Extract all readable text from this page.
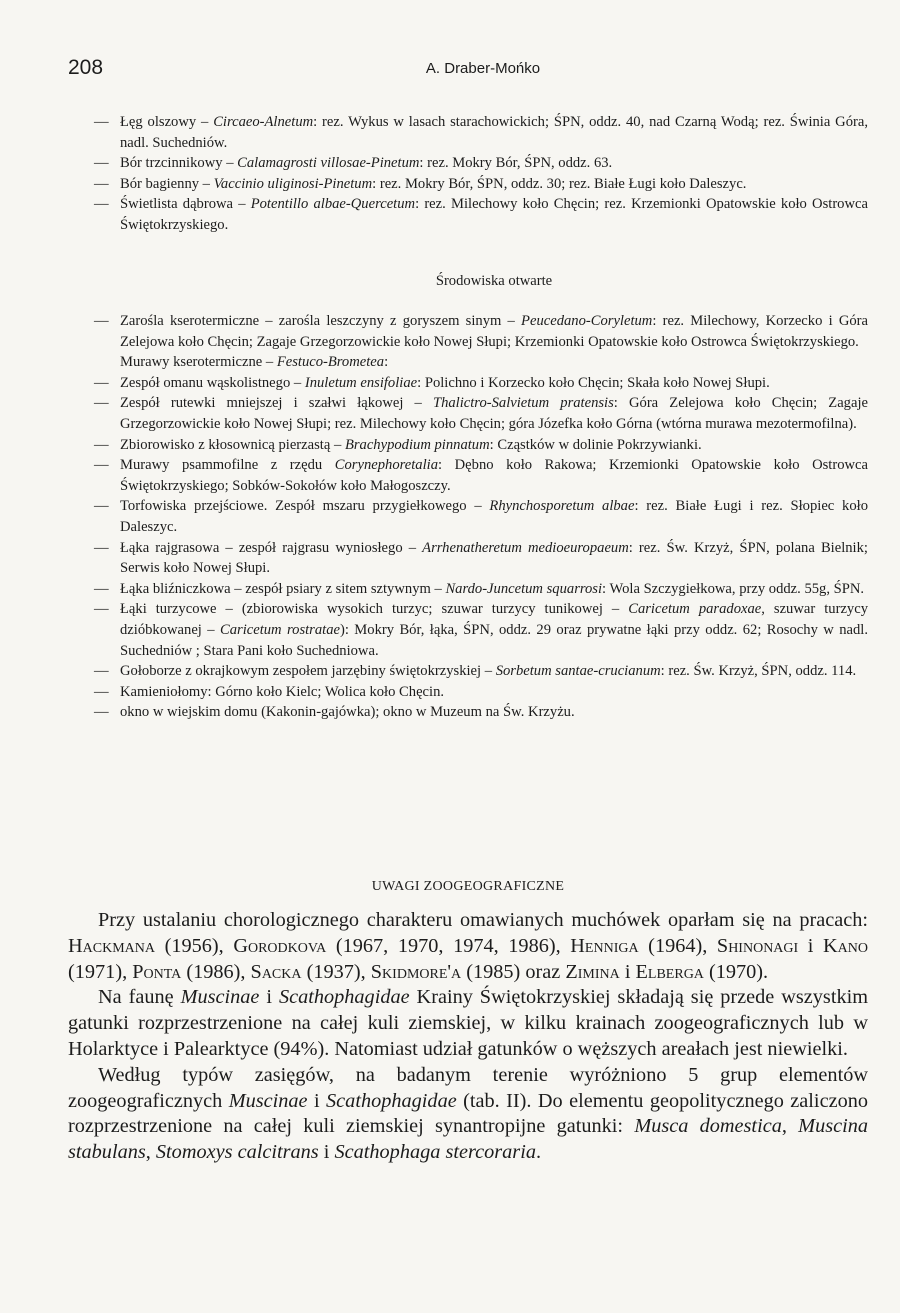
208	A. Draber-Mońko
— Łęg olszowy – Circaeo-Alnetum: rez. Wykus w lasach starachowickich; ŚPN, oddz. 40, nad Czarną Wodą; rez. Świnia Góra, nadl. Suchedniów.
— Bór trzcinnikowy – Calamagrosti villosae-Pinetum: rez. Mokry Bór, ŚPN, oddz. 63.
— Bór bagienny – Vaccinio uliginosi-Pinetum: rez. Mokry Bór, ŚPN, oddz. 30; rez. Białe Ługi koło Daleszyc.
— Świetlista dąbrowa – Potentillo albae-Quercetum: rez. Milechowy koło Chęcin; rez. Krzemionki Opatowskie koło Ostrowca Świętokrzyskiego.
Środowiska otwarte
— Zarośla kserotermiczne – zarośla leszczyny z goryszem sinym – Peucedano-Coryletum: rez. Milechowy, Korzecko i Góra Zelejowa koło Chęcin; Zagaje Grzegorzowickie koło Nowej Słupi; Krzemionki Opatowskie koło Ostrowca Świętokrzyskiego.
Murawy kserotermiczne – Festuco-Brometea:
— Zespół omanu wąskolistnego – Inuletum ensifoliae: Polichno i Korzecko koło Chęcin; Skała koło Nowej Słupi.
— Zespół rutewki mniejszej i szałwi łąkowej – Thalictro-Salvietum pratensis: Góra Zelejowa koło Chęcin; Zagaje Grzegorzowickie koło Nowej Słupi; rez. Milechowy koło Chęcin; góra Józefka koło Górna (wtórna murawa mezotermofilna).
— Zbiorowisko z kłosownicą pierzastą – Brachypodium pinnatum: Cząstków w dolinie Pokrzywianki.
— Murawy psammofilne z rzędu Corynephoretalia: Dębno koło Rakowa; Krzemionki Opatowskie koło Ostrowca Świętokrzyskiego; Sobków-Sokołów koło Małogoszczy.
— Torfowiska przejściowe. Zespół mszaru przygiełkowego – Rhynchosporetum albae: rez. Białe Ługi i rez. Słopiec koło Daleszyc.
— Łąka rajgrasowa – zespół rajgrasu wyniosłego – Arrhenatheretum medioeuropaeum: rez. Św. Krzyż, ŚPN, polana Bielnik; Serwis koło Nowej Słupi.
— Łąka bliźniczkowa – zespół psiary z sitem sztywnym – Nardo-Juncetum squarrosi: Wola Szczygiełkowa, przy oddz. 55g, ŚPN.
— Łąki turzycowe – (zbiorowiska wysokich turzyc; szuwar turzycy tunikowej – Caricetum paradoxae, szuwar turzycy dzióbkowanej – Caricetum rostratae): Mokry Bór, łąka, ŚPN, oddz. 29 oraz prywatne łąki przy oddz. 62; Rosochy w nadl. Suchedniów ; Stara Pani koło Suchedniowa.
— Gołoborze z okrajkowym zespołem jarzębiny świętokrzyskiej – Sorbetum santae-crucianum: rez. Św. Krzyż, ŚPN, oddz. 114.
— Kamieniołomy: Górno koło Kielc; Wolica koło Chęcin.
— okno w wiejskim domu (Kakonin-gajówka); okno w Muzeum na Św. Krzyżu.
UWAGI ZOOGEOGRAFICZNE

Przy ustalaniu chorologicznego charakteru omawianych muchówek oparłam się na pracach: Hackmana (1956), Gorodkova (1967, 1970, 1974, 1986), Henniga (1964), Shinonagi i Kano (1971), Ponta (1986), Sacka (1937), Skidmore'a (1985) oraz Zimina i Elberga (1970).

Na faunę Muscinae i Scathophagidae Krainy Świętokrzyskiej składają się przede wszystkim gatunki rozprzestrzenione na całej kuli ziemskiej, w kilku krainach zoogeograficznych lub w Holarktyce i Palearktyce (94%). Natomiast udział gatunków o węższych areałach jest niewielki.

Według typów zasięgów, na badanym terenie wyróżniono 5 grup elementów zoogeograficznych Muscinae i Scathophagidae (tab. II). Do elementu geopolitycznego zaliczono rozprzestrzenione na całej kuli ziemskiej synantropijne gatunki: Musca domestica, Muscina stabulans, Stomoxys calcitrans i Scathophaga stercoraria.
